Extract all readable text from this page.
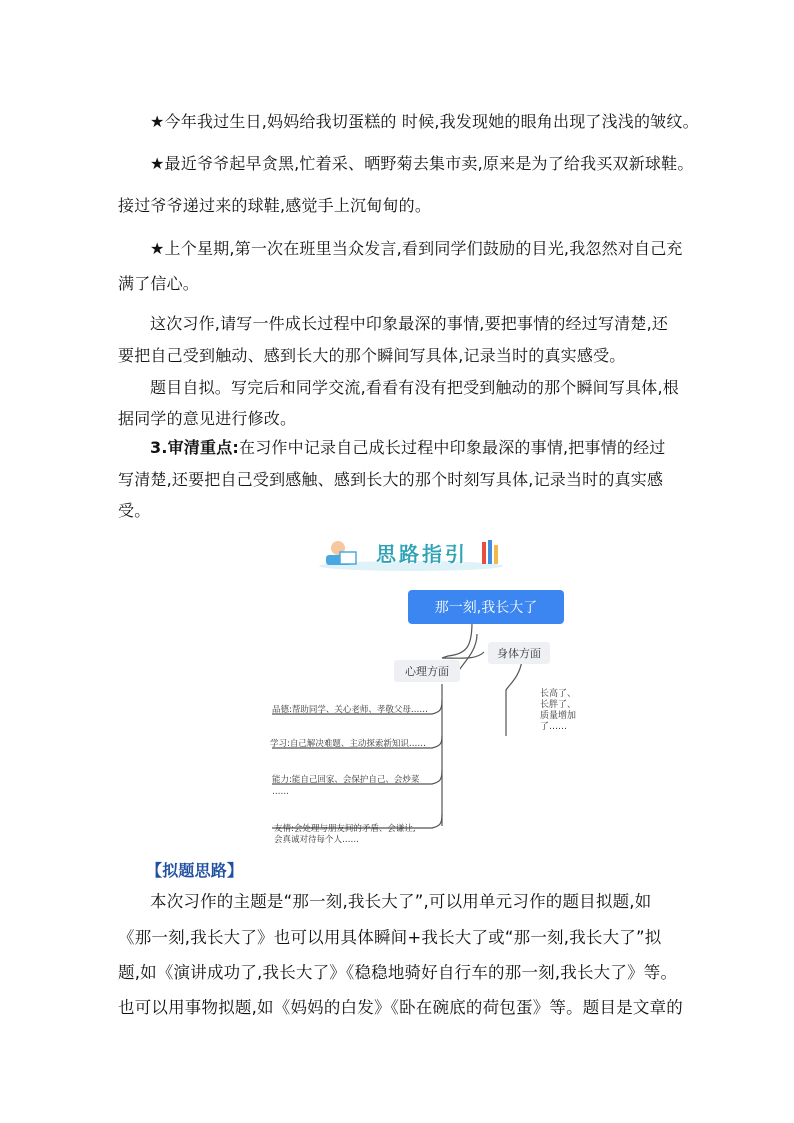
★今年我过生日,妈妈给我切蛋糕的 时候,我发现她的眼角出现了浅浅的皱纹。
★最近爷爷起早贪黑,忙着采、晒野菊去集市卖,原来是为了给我买双新球鞋。
接过爷爷递过来的球鞋,感觉手上沉甸甸的。
★上个星期,第一次在班里当众发言,看到同学们鼓励的目光,我忽然对自己充
满了信心。
这次习作,请写一件成长过程中印象最深的事情,要把事情的经过写清楚,还
要把自己受到触动、感到长大的那个瞬间写具体,记录当时的真实感受。
题目自拟。写完后和同学交流,看看有没有把受到触动的那个瞬间写具体,根
据同学的意见进行修改。
3.审清重点:在习作中记录自己成长过程中印象最深的事情,把事情的经过
写清楚,还要把自己受到感触、感到长大的那个时刻写具体,记录当时的真实感
受。
思路指引
那一刻,我长大了
身体方面
长高了、
长胖了、
质量增加
了……
心理方面
品德:帮助同学、关心老师、孝敬父母……
学习:自己解决难题、主动探索新知识……
能力:能自己回家、会保护自己、会炒菜
……
友情:会处理与朋友间的矛盾、会谦让,
会真诚对待每个人……
【拟题思路】
本次习作的主题是“那一刻,我长大了”,可以用单元习作的题目拟题,如
《那一刻,我长大了》也可以用具体瞬间+我长大了或“那一刻,我长大了”拟
题,如《演讲成功了,我长大了》《稳稳地骑好自行车的那一刻,我长大了》等。
也可以用事物拟题,如《妈妈的白发》《卧在碗底的荷包蛋》等。题目是文章的
